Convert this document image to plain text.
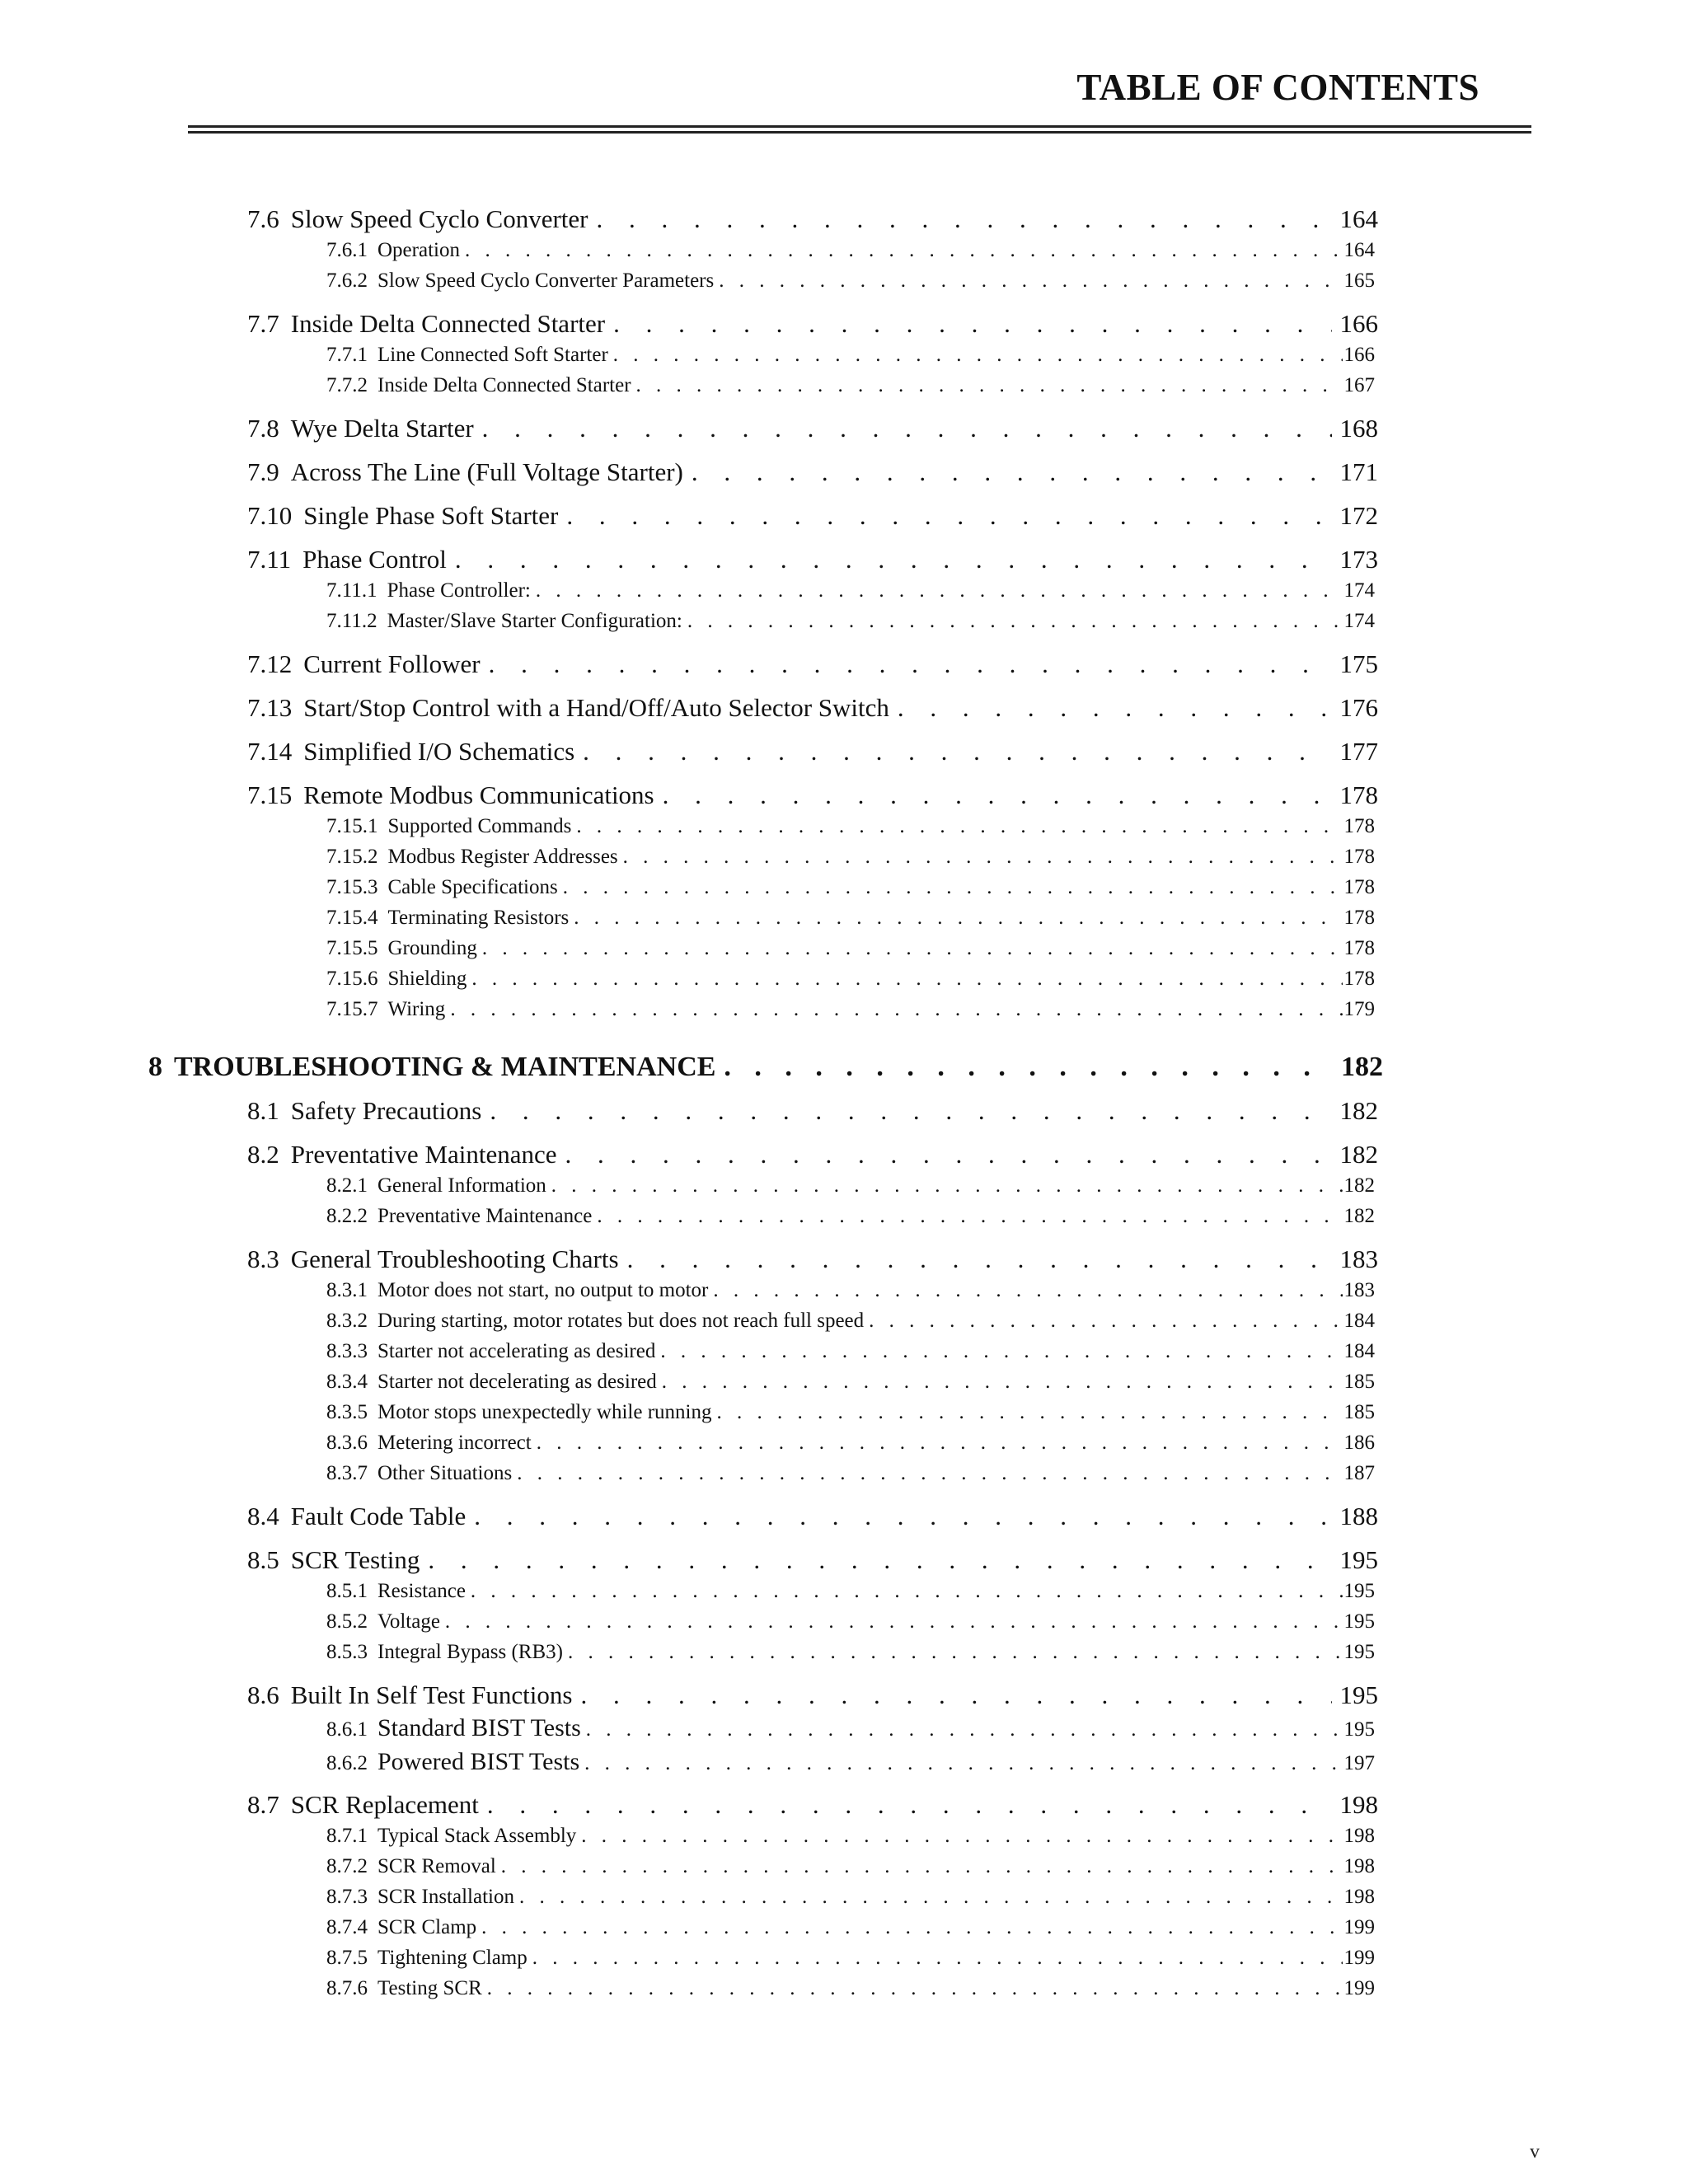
TABLE OF CONTENTS
7.6 Slow Speed Cyclo Converter . . .	164
7.6.1 Operation . . .	164
7.6.2 Slow Speed Cyclo Converter Parameters . . .	165
7.7 Inside Delta Connected Starter . . .	166
7.7.1 Line Connected Soft Starter . . .	166
7.7.2 Inside Delta Connected Starter . . .	167
7.8 Wye Delta Starter . . .	168
7.9 Across The Line (Full Voltage Starter) . . .	171
7.10 Single Phase Soft Starter . . .	172
7.11 Phase Control . . .	173
7.11.1 Phase Controller: . . .	174
7.11.2 Master/Slave Starter Configuration: . . .	174
7.12 Current Follower . . .	175
7.13 Start/Stop Control with a Hand/Off/Auto Selector Switch . . .	176
7.14 Simplified I/O Schematics . . .	177
7.15 Remote Modbus Communications . . .	178
7.15.1 Supported Commands . . .	178
7.15.2 Modbus Register Addresses . . .	178
7.15.3 Cable Specifications . . .	178
7.15.4 Terminating Resistors . . .	178
7.15.5 Grounding . . .	178
7.15.6 Shielding . . .	178
7.15.7 Wiring . . .	179
8 TROUBLESHOOTING & MAINTENANCE . . .	182
8.1 Safety Precautions . . .	182
8.2 Preventative Maintenance . . .	182
8.2.1 General Information . . .	182
8.2.2 Preventative Maintenance . . .	182
8.3 General Troubleshooting Charts . . .	183
8.3.1 Motor does not start, no output to motor . . .	183
8.3.2 During starting, motor rotates but does not reach full speed . . .	184
8.3.3 Starter not accelerating as desired . . .	184
8.3.4 Starter not decelerating as desired . . .	185
8.3.5 Motor stops unexpectedly while running . . .	185
8.3.6 Metering incorrect . . .	186
8.3.7 Other Situations . . .	187
8.4 Fault Code Table . . .	188
8.5 SCR Testing . . .	195
8.5.1 Resistance . . .	195
8.5.2 Voltage . . .	195
8.5.3 Integral Bypass (RB3) . . .	195
8.6 Built In Self Test Functions . . .	195
8.6.1 Standard BIST Tests . . .	195
8.6.2 Powered BIST Tests . . .	197
8.7 SCR Replacement . . .	198
8.7.1 Typical Stack Assembly . . .	198
8.7.2 SCR Removal . . .	198
8.7.3 SCR Installation . . .	198
8.7.4 SCR Clamp . . .	199
8.7.5 Tightening Clamp . . .	199
8.7.6 Testing SCR . . .	199
v
